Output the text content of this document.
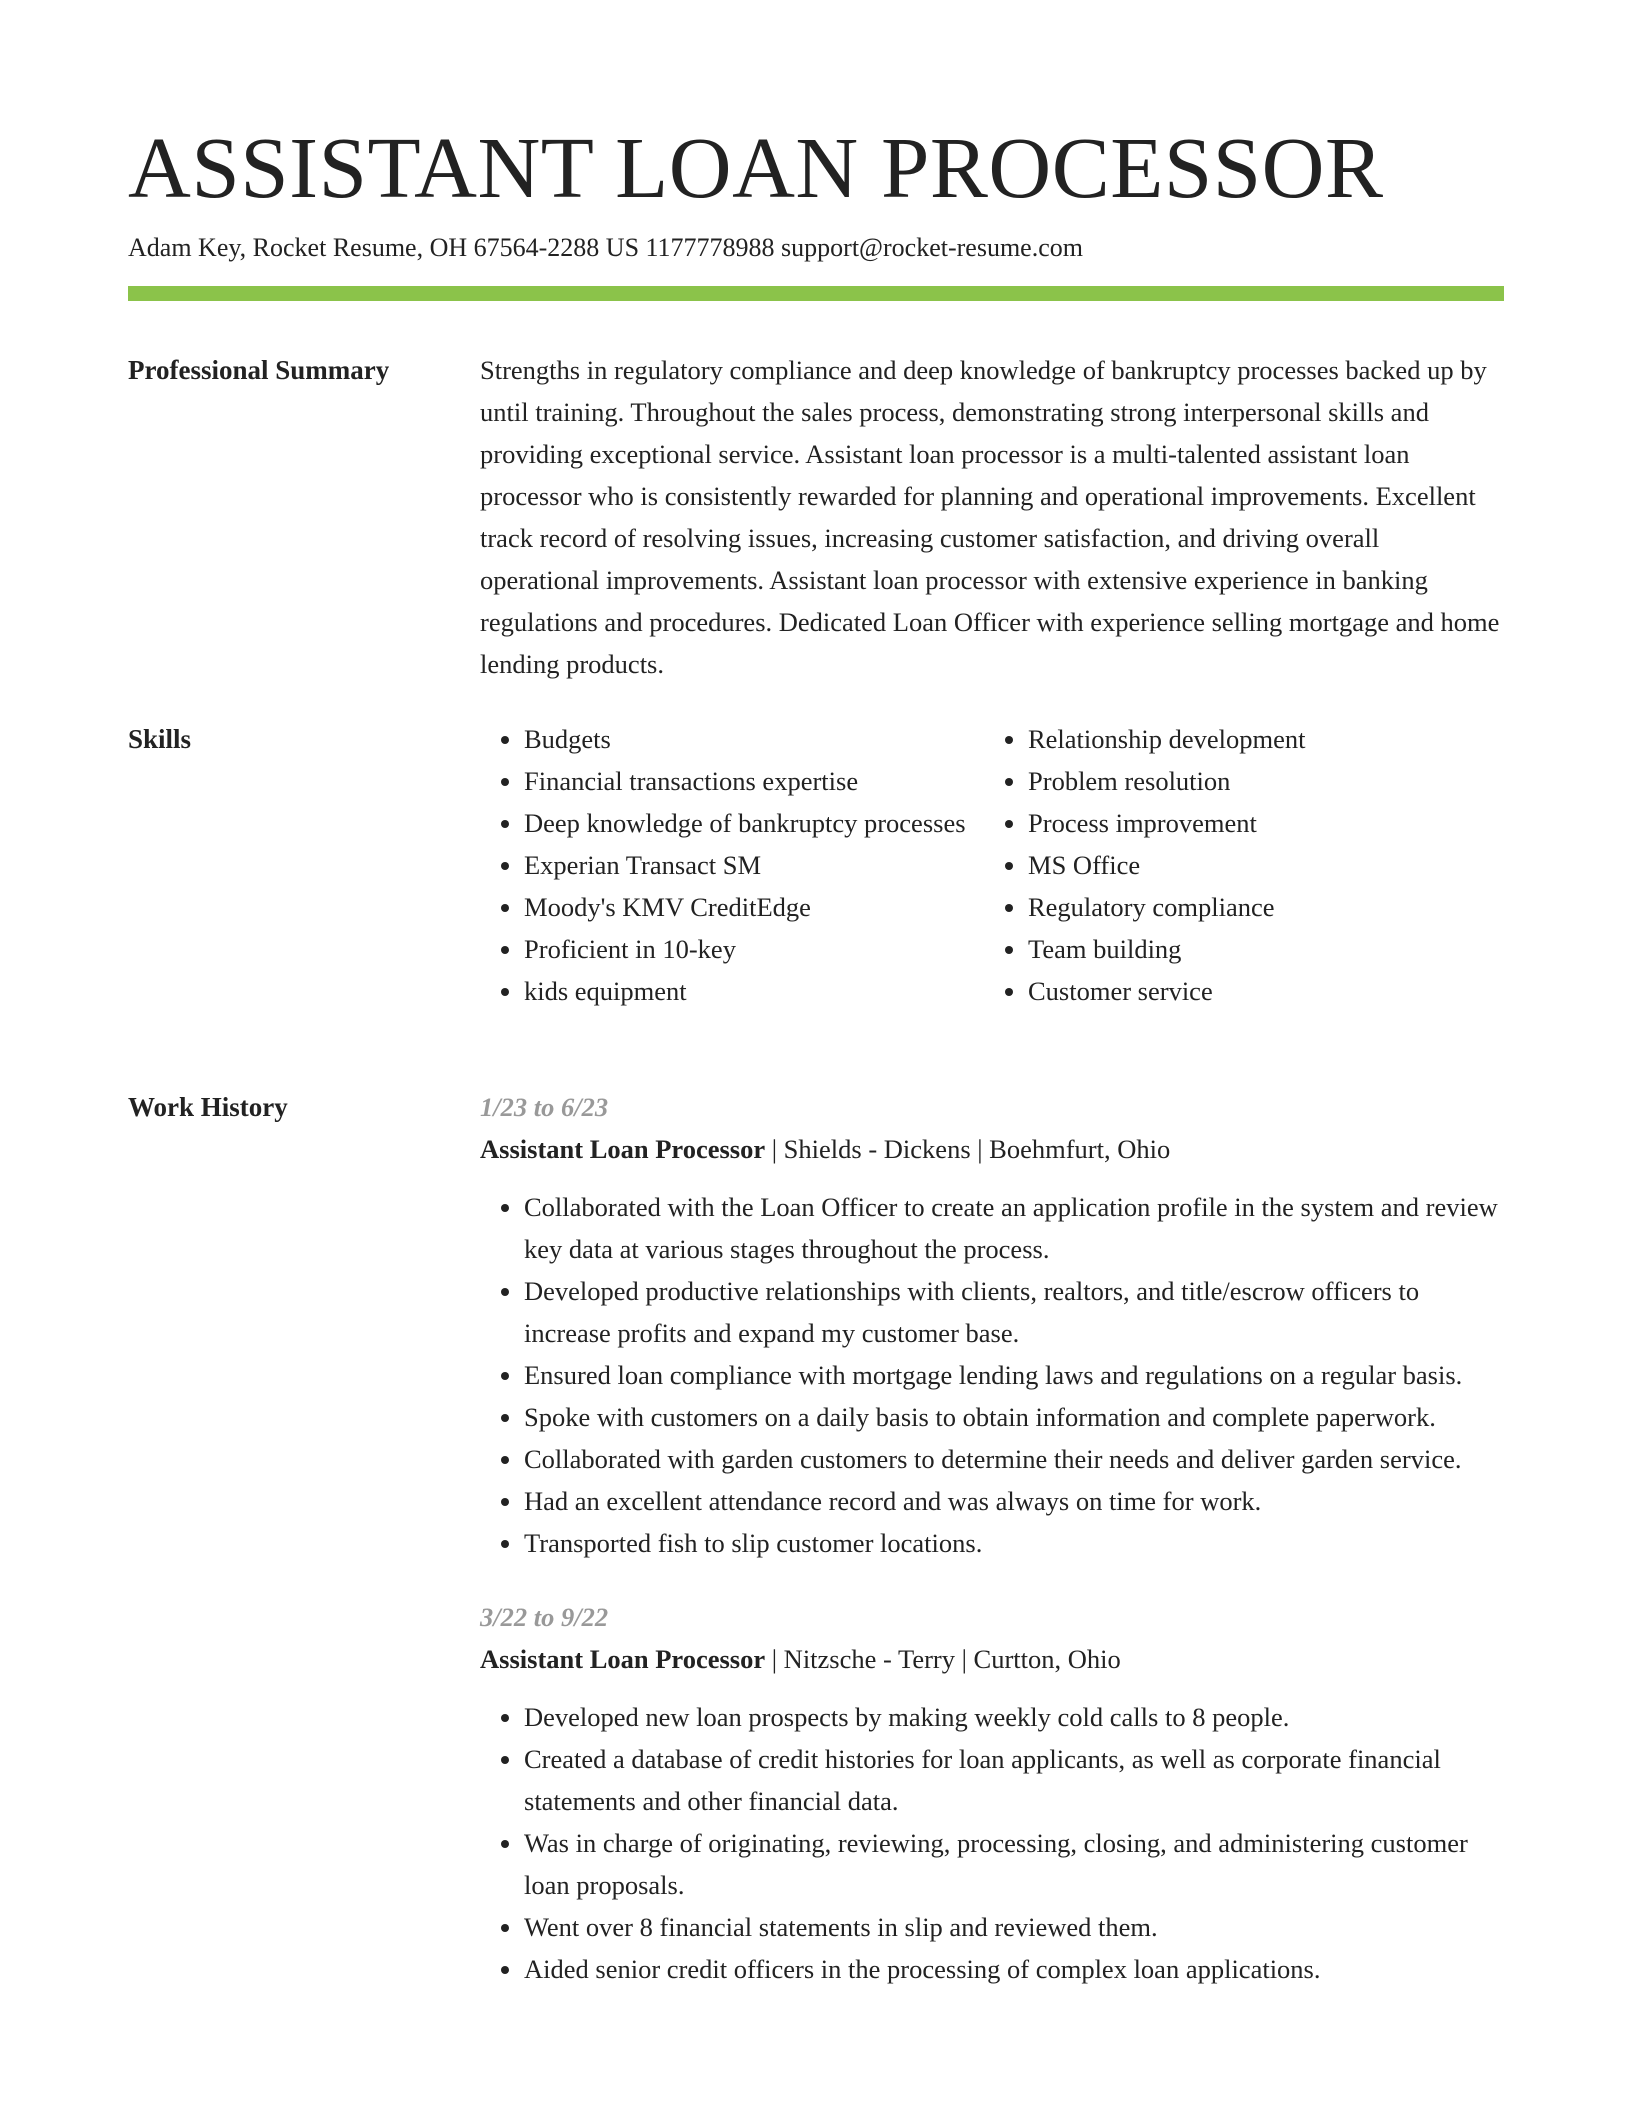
ASSISTANT LOAN PROCESSOR
Adam Key, Rocket Resume, OH 67564-2288 US 1177778988 support@rocket-resume.com
Professional Summary	Strengths in regulatory compliance and deep knowledge of bankruptcy processes backed up by until training. Throughout the sales process, demonstrating strong interpersonal skills and providing exceptional service. Assistant loan processor is a multi-talented assistant loan processor who is consistently rewarded for planning and operational improvements. Excellent track record of resolving issues, increasing customer satisfaction, and driving overall operational improvements. Assistant loan processor with extensive experience in banking regulations and procedures. Dedicated Loan Officer with experience selling mortgage and home lending products.

Skills
•	Budgets
• Financial transactions expertise
• Deep knowledge of bankruptcy processes
• Experian Transact SM
• Moody's KMV CreditEdge
• Proficient in 10-key
• kids equipment
• Relationship development
• Problem resolution
• Process improvement
• MS Office
• Regulatory compliance
• Team building
• Customer service
Work History	1/23 to 6/23
Assistant Loan Processor | Shields - Dickens | Boehmfurt, Ohio
• Collaborated with the Loan Officer to create an application profile in the system and review key data at various stages throughout the process.
• Developed productive relationships with clients, realtors, and title/escrow officers to increase profits and expand my customer base.
• Ensured loan compliance with mortgage lending laws and regulations on a regular basis.
• Spoke with customers on a daily basis to obtain information and complete paperwork.
• Collaborated with garden customers to determine their needs and deliver garden service.
• Had an excellent attendance record and was always on time for work.
• Transported fish to slip customer locations.
3/22 to 9/22
Assistant Loan Processor | Nitzsche - Terry | Curtton, Ohio
• Developed new loan prospects by making weekly cold calls to 8 people.
• Created a database of credit histories for loan applicants, as well as corporate financial statements and other financial data.
• Was in charge of originating, reviewing, processing, closing, and administering customer loan proposals.
• Went over 8 financial statements in slip and reviewed them.
• Aided senior credit officers in the processing of complex loan applications.
